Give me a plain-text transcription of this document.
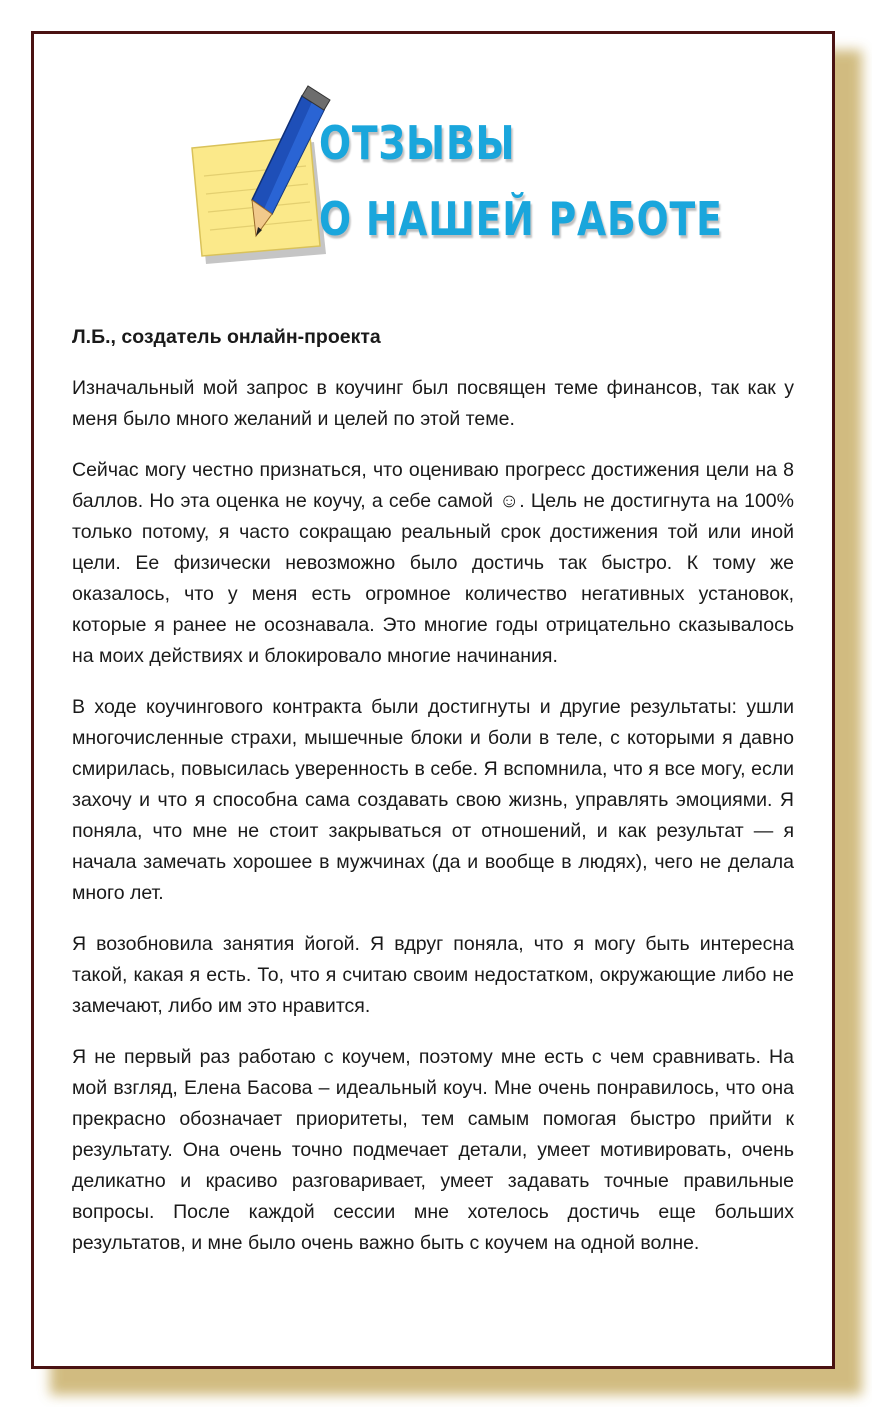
ОТЗЫВЫ
О НАШЕЙ РАБОТЕ
Л.Б., создатель онлайн-проекта

Изначальный мой запрос в коучинг был посвящен теме финансов, так как у меня было много желаний и целей по этой теме.

Сейчас могу честно признаться, что оцениваю прогресс достижения цели на 8 баллов. Но эта оценка не коучу, а себе самой ☺. Цель не достигнута на 100% только потому, я часто сокращаю реальный срок достижения той или иной цели. Ее физически невозможно было достичь так быстро. К тому же оказалось, что у меня есть огромное количество негативных установок, которые я ранее не осознавала. Это многие годы отрицательно сказывалось на моих действиях и блокировало многие начинания.

В ходе коучингового контракта были достигнуты и другие результаты: ушли многочисленные страхи, мышечные блоки и боли в теле, с которыми я давно смирилась, повысилась уверенность в себе. Я вспомнила, что я все могу, если захочу и что я способна сама создавать свою жизнь, управлять эмоциями. Я поняла, что мне не стоит закрываться от отношений, и как результат — я начала замечать хорошее в мужчинах (да и вообще в людях), чего не делала много лет.

Я возобновила занятия йогой. Я вдруг поняла, что я могу быть интересна такой, какая я есть. То, что я считаю своим недостатком, окружающие либо не замечают, либо им это нравится.

Я не первый раз работаю с коучем, поэтому мне есть с чем сравнивать. На мой взгляд, Елена Басова – идеальный коуч. Мне очень понравилось, что она прекрасно обозначает приоритеты, тем самым помогая быстро прийти к результату. Она очень точно подмечает детали, умеет мотивировать, очень деликатно и красиво разговаривает, умеет задавать точные правильные вопросы. После каждой сессии мне хотелось достичь еще больших результатов, и мне было очень важно быть с коучем на одной волне.
